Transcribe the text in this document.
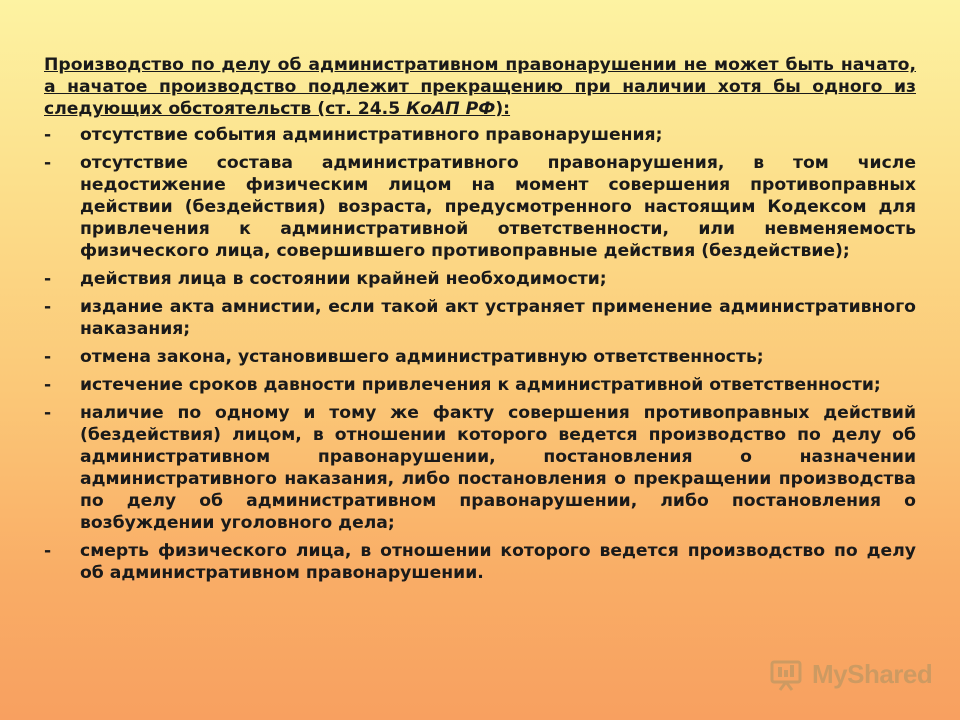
Производство по делу об административном правонарушении не может быть начато, а начатое производство подлежит прекращению при наличии хотя бы одного из следующих обстоятельств (ст. 24.5 КоАП РФ):

- отсутствие события административного правонарушения;
- отсутствие состава административного правонарушения, в том числе недостижение физическим лицом на момент совершения противоправных действии (бездействия) возраста, предусмотренного настоящим Кодексом для привлечения к административной ответственности, или невменяемость физического лица, совершившего противоправные действия (бездействие);
- действия лица в состоянии крайней необходимости;
- издание акта амнистии, если такой акт устраняет применение административного наказания;
- отмена закона, установившего административную ответственность;
- истечение сроков давности привлечения к административной ответственности;
- наличие по одному и тому же факту совершения противоправных действий (бездействия) лицом, в отношении которого ведется производство по делу об административном правонарушении, постановления о назначении административного наказания, либо постановления о прекращении производства по делу об административном правонарушении, либо постановления о возбуждении уголовного дела;
- смерть физического лица, в отношении которого ведется производство по делу об административном правонарушении.
MyShared
